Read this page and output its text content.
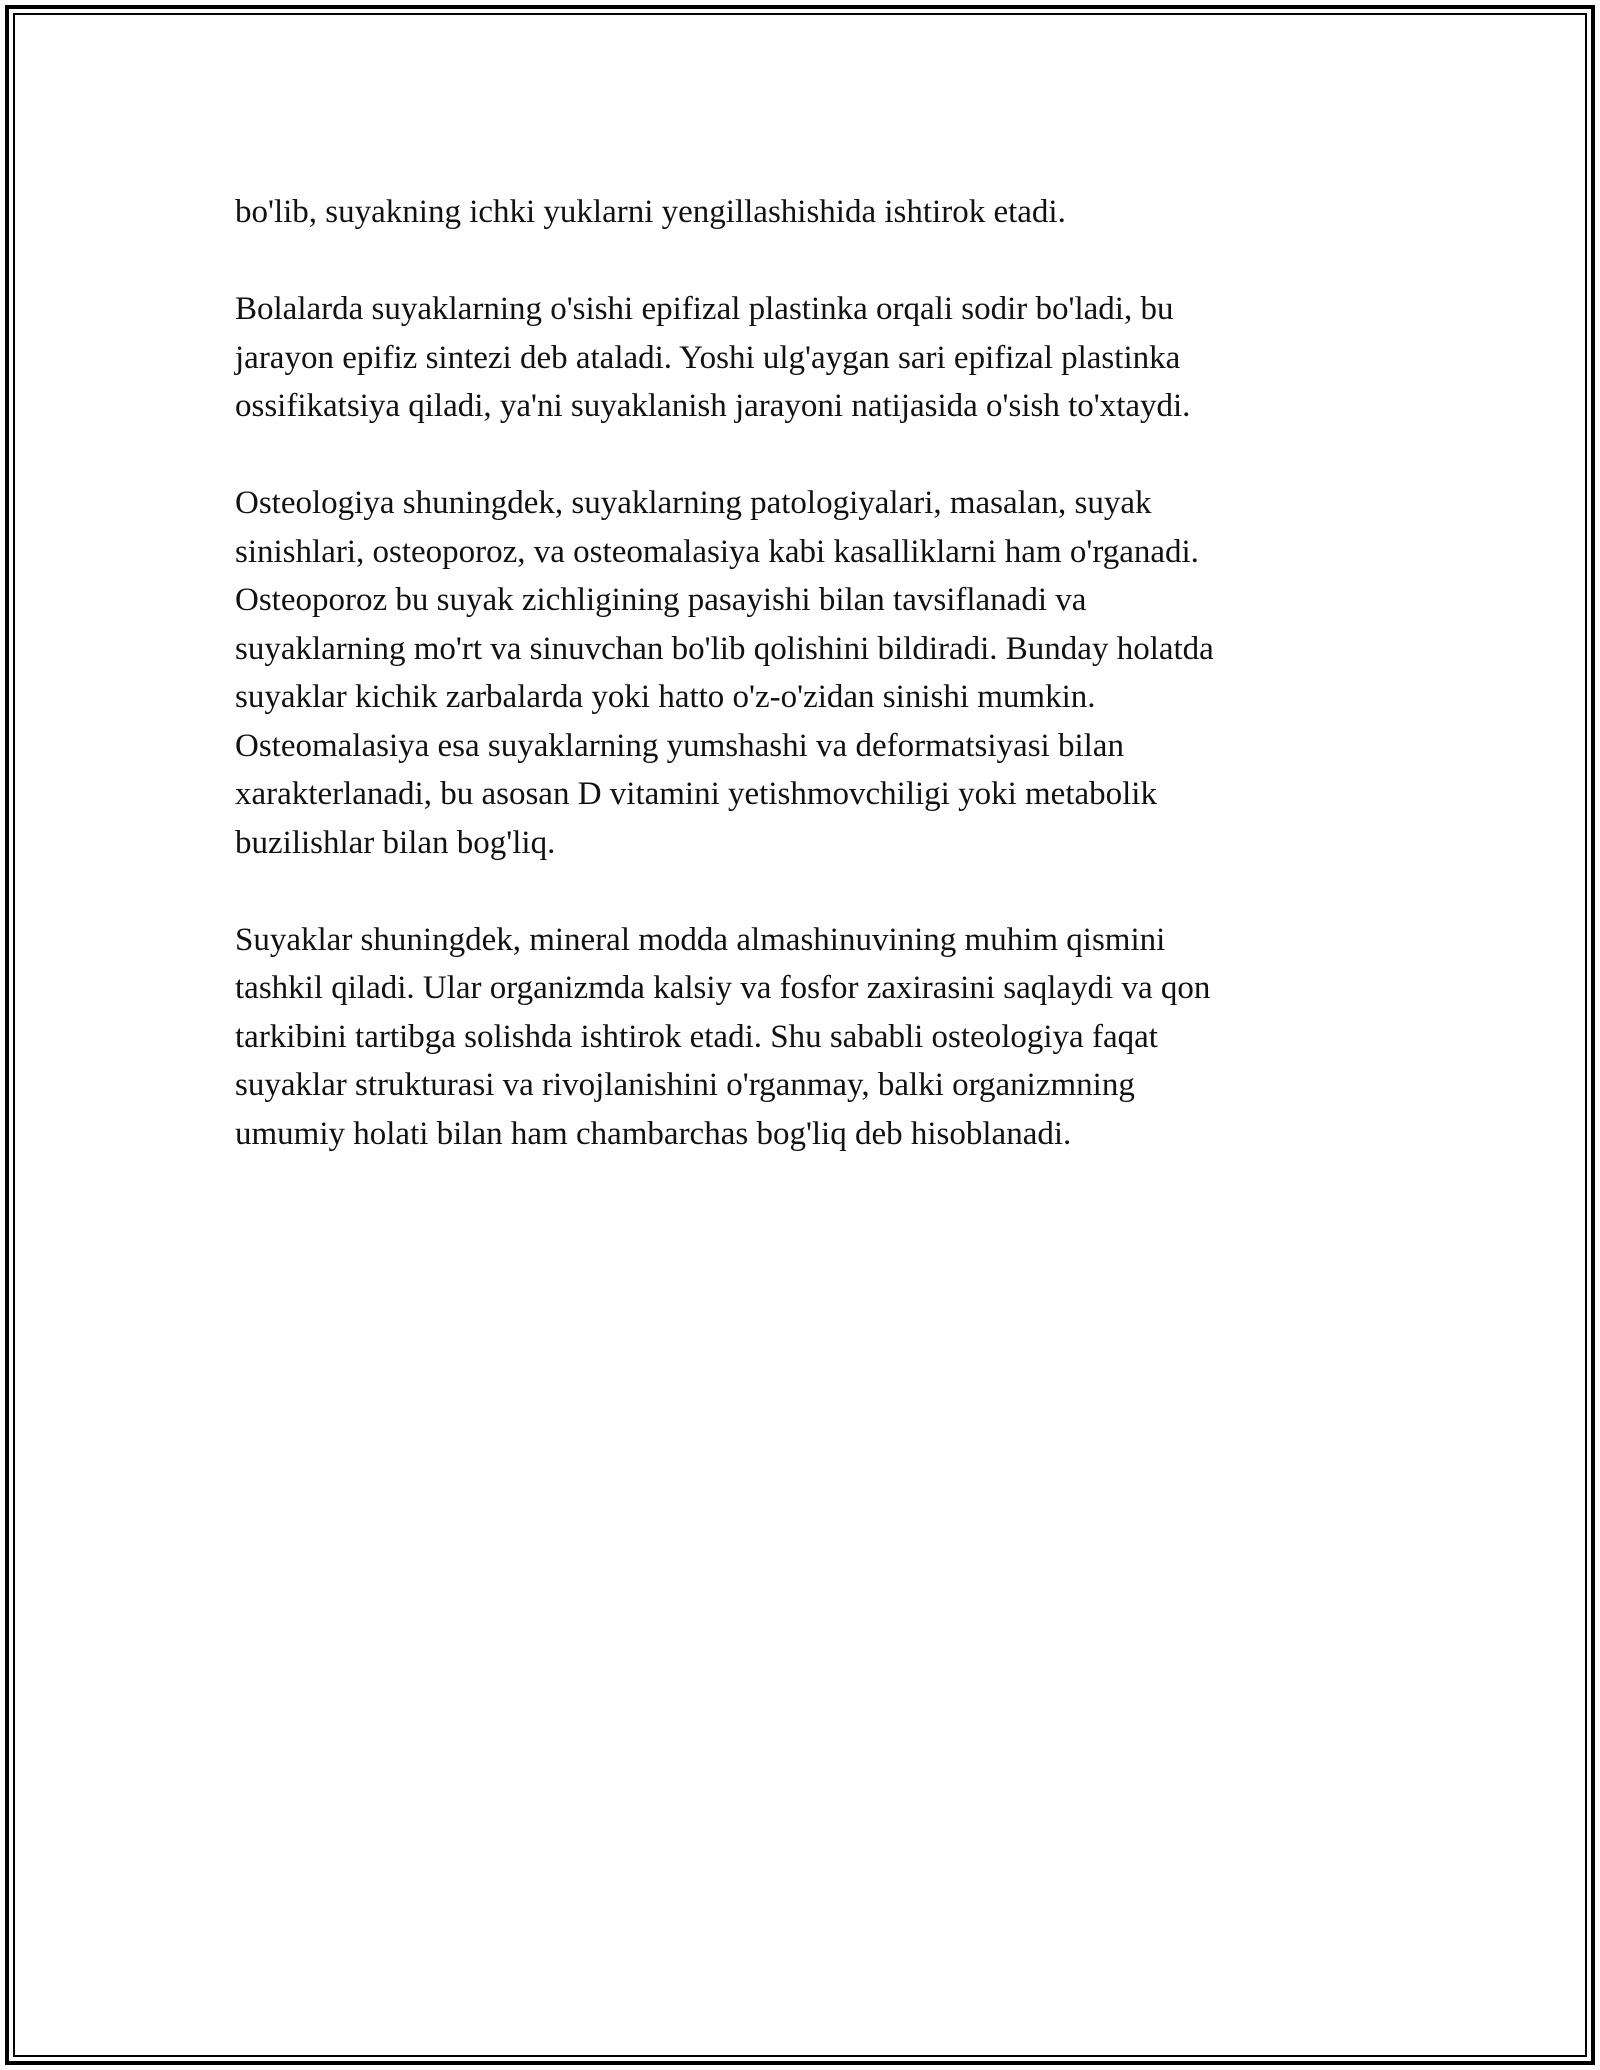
bo'lib, suyakning ichki yuklarni yengillashishida ishtirok etadi.

Bolalarda suyaklarning o'sishi epifizal plastinka orqali sodir bo'ladi, bu
jarayon epifiz sintezi deb ataladi. Yoshi ulg'aygan sari epifizal plastinka
ossifikatsiya qiladi, ya'ni suyaklanish jarayoni natijasida o'sish to'xtaydi.

Osteologiya shuningdek, suyaklarning patologiyalari, masalan, suyak
sinishlari, osteoporoz, va osteomalasiya kabi kasalliklarni ham o'rganadi.
Osteoporoz bu suyak zichligining pasayishi bilan tavsiflanadi va
suyaklarning mo'rt va sinuvchan bo'lib qolishini bildiradi. Bunday holatda
suyaklar kichik zarbalarda yoki hatto o'z-o'zidan sinishi mumkin.
Osteomalasiya esa suyaklarning yumshashi va deformatsiyasi bilan
xarakterlanadi, bu asosan D vitamini yetishmovchiligi yoki metabolik
buzilishlar bilan bog'liq.

Suyaklar shuningdek, mineral modda almashinuvining muhim qismini
tashkil qiladi. Ular organizmda kalsiy va fosfor zaxirasini saqlaydi va qon
tarkibini tartibga solishda ishtirok etadi. Shu sababli osteologiya faqat
suyaklar strukturasi va rivojlanishini o'rganmay, balki organizmning
umumiy holati bilan ham chambarchas bog'liq deb hisoblanadi.
